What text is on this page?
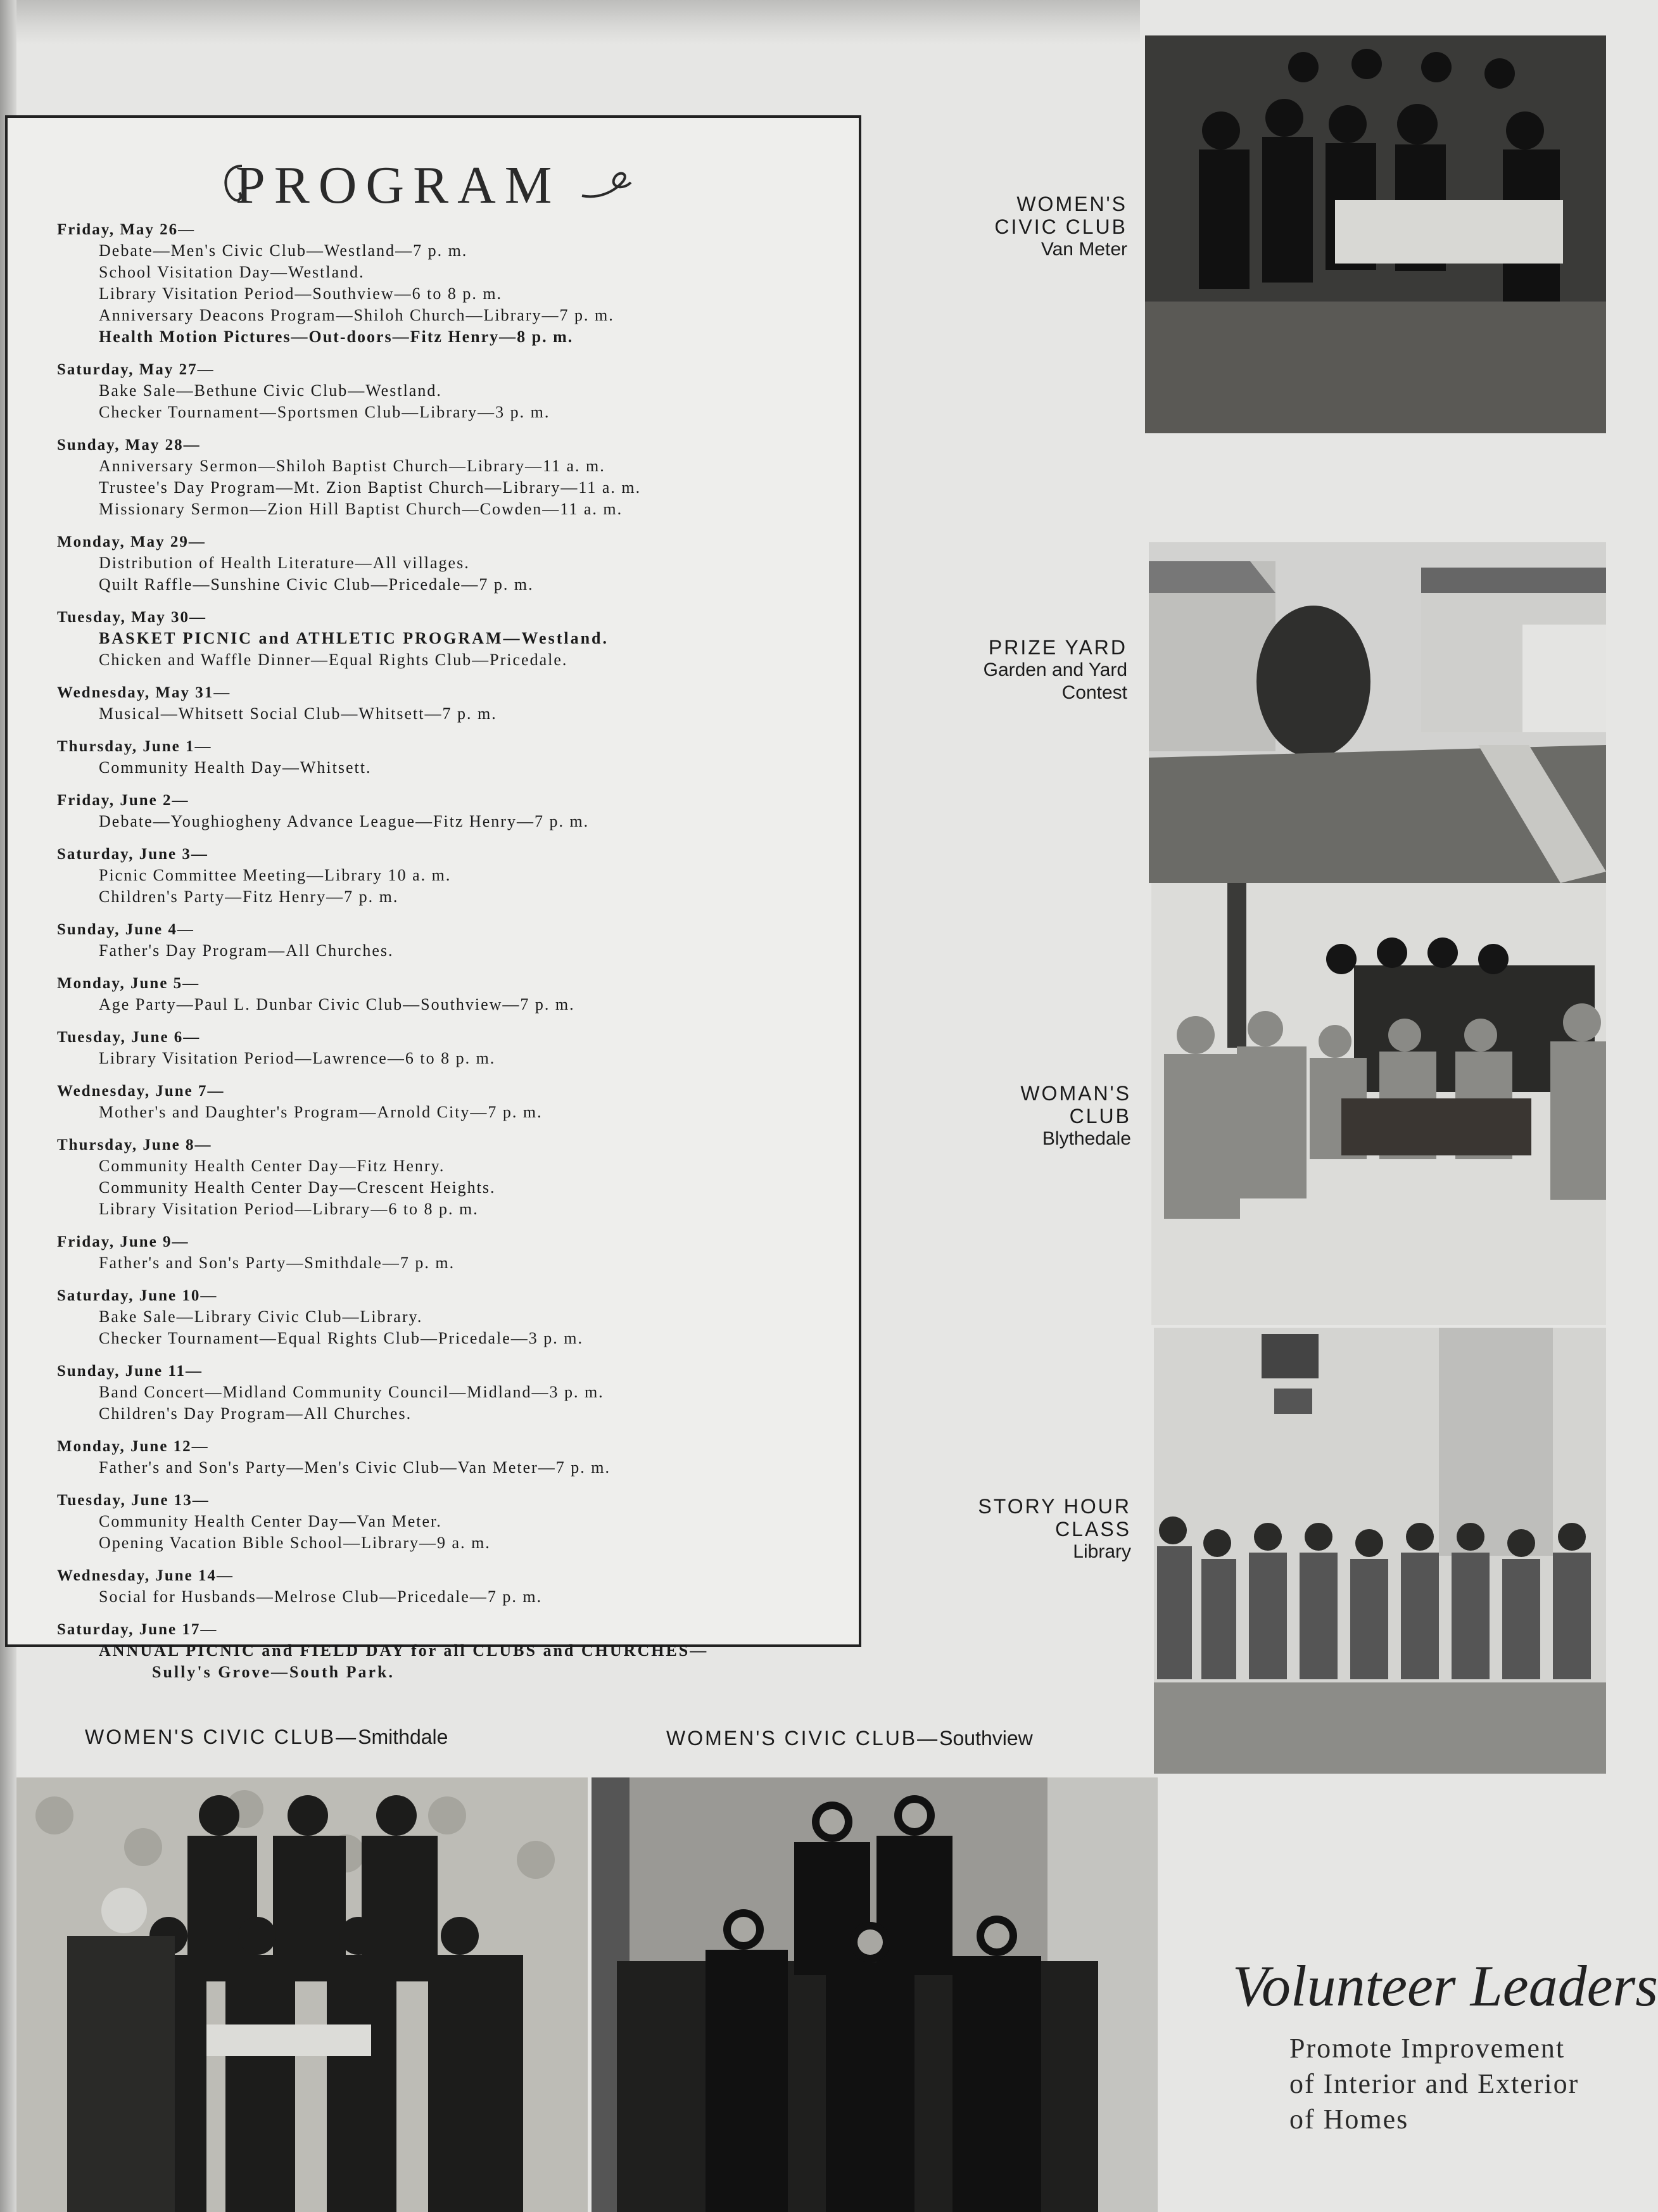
PROGRAM
Friday, May 26—
Debate—Men's Civic Club—Westland—7 p. m.
School Visitation Day—Westland.
Library Visitation Period—Southview—6 to 8 p. m.
Anniversary Deacons Program—Shiloh Church—Library—7 p. m.
Health Motion Pictures—Out-doors—Fitz Henry—8 p. m.
Saturday, May 27—
Bake Sale—Bethune Civic Club—Westland.
Checker Tournament—Sportsmen Club—Library—3 p. m.
Sunday, May 28—
Anniversary Sermon—Shiloh Baptist Church—Library—11 a. m.
Trustee's Day Program—Mt. Zion Baptist Church—Library—11 a. m.
Missionary Sermon—Zion Hill Baptist Church—Cowden—11 a. m.
Monday, May 29—
Distribution of Health Literature—All villages.
Quilt Raffle—Sunshine Civic Club—Pricedale—7 p. m.
Tuesday, May 30—
BASKET PICNIC and ATHLETIC PROGRAM—Westland.
Chicken and Waffle Dinner—Equal Rights Club—Pricedale.
Wednesday, May 31—
Musical—Whitsett Social Club—Whitsett—7 p. m.
Thursday, June 1—
Community Health Day—Whitsett.
Friday, June 2—
Debate—Youghiogheny Advance League—Fitz Henry—7 p. m.
Saturday, June 3—
Picnic Committee Meeting—Library 10 a. m.
Children's Party—Fitz Henry—7 p. m.
Sunday, June 4—
Father's Day Program—All Churches.
Monday, June 5—
Age Party—Paul L. Dunbar Civic Club—Southview—7 p. m.
Tuesday, June 6—
Library Visitation Period—Lawrence—6 to 8 p. m.
Wednesday, June 7—
Mother's and Daughter's Program—Arnold City—7 p. m.
Thursday, June 8—
Community Health Center Day—Fitz Henry.
Community Health Center Day—Crescent Heights.
Library Visitation Period—Library—6 to 8 p. m.
Friday, June 9—
Father's and Son's Party—Smithdale—7 p. m.
Saturday, June 10—
Bake Sale—Library Civic Club—Library.
Checker Tournament—Equal Rights Club—Pricedale—3 p. m.
Sunday, June 11—
Band Concert—Midland Community Council—Midland—3 p. m.
Children's Day Program—All Churches.
Monday, June 12—
Father's and Son's Party—Men's Civic Club—Van Meter—7 p. m.
Tuesday, June 13—
Community Health Center Day—Van Meter.
Opening Vacation Bible School—Library—9 a. m.
Wednesday, June 14—
Social for Husbands—Melrose Club—Pricedale—7 p. m.
Saturday, June 17—
ANNUAL PICNIC and FIELD DAY for all CLUBS and CHURCHES—
Sully's Grove—South Park.
WOMEN'S
CIVIC CLUB
Van Meter
PRIZE YARD
Garden and Yard
Contest
WOMAN'S
CLUB
Blythedale
STORY HOUR
CLASS
Library
WOMEN'S CIVIC CLUB—Smithdale	WOMEN'S CIVIC CLUB—Southview
Volunteer Leaders
Promote Improvement
of Interior and Exterior
of Homes
